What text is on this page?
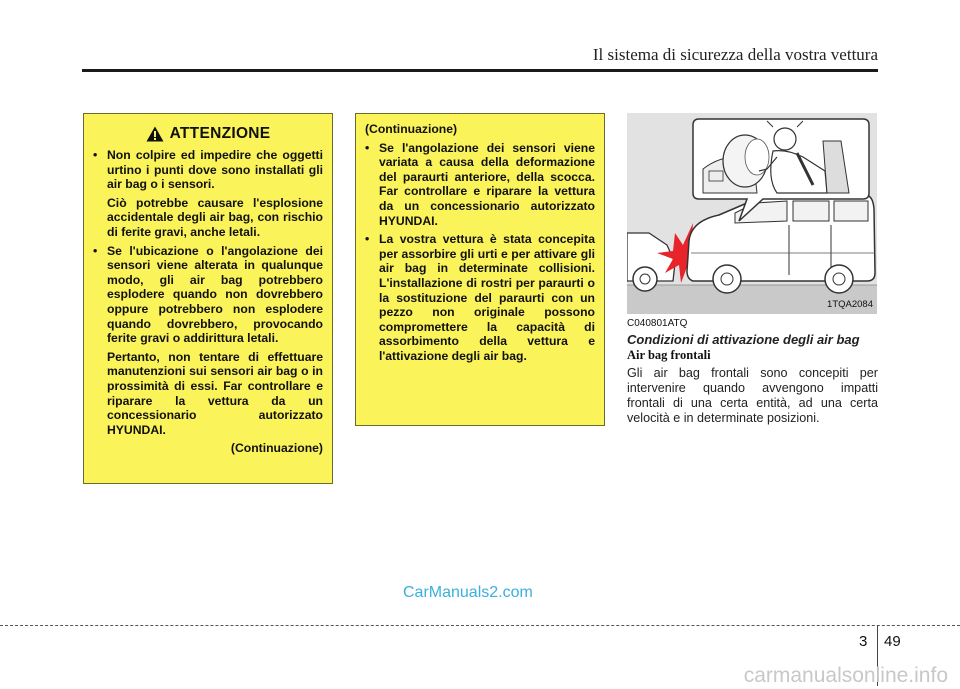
Il sistema di sicurezza della vostra vettura
ATTENZIONE
• Non colpire ed impedire che oggetti urtino i punti dove sono installati gli air bag o i sensori.
Ciò potrebbe causare l'esplosione accidentale degli air bag, con rischio di ferite gravi, anche letali.
• Se l'ubicazione o l'angolazione dei sensori viene alterata in qualunque modo, gli air bag potrebbero esplodere quando non dovrebbero oppure potrebbero non esplodere quando dovrebbero, provocando ferite gravi o addirittura letali.
Pertanto, non tentare di effettuare manutenzioni sui sensori air bag o in prossimità di essi. Far controllare e riparare la vettura da un concessionario autorizzato HYUNDAI.
(Continuazione)
(Continuazione)
• Se l'angolazione dei sensori viene variata a causa della deformazione del paraurti anteriore, della scocca. Far controllare e riparare la vettura da un concessionario autorizzato HYUNDAI.
• La vostra vettura è stata concepita per assorbire gli urti e per attivare gli air bag in determinate collisioni. L'installazione di rostri per paraurti o la sostituzione del paraurti con un pezzo non originale possono compromettere la capacità di assorbimento della vettura e l'attivazione degli air bag.
1TQA2084
C040801ATQ
Condizioni di attivazione degli air bag
Air bag frontali
Gli air bag frontali sono concepiti per intervenire quando avvengono impatti frontali di una certa entità, ad una certa velocità e in determinate posizioni.
CarManuals2.com
3 49
carmanualsonline.info
